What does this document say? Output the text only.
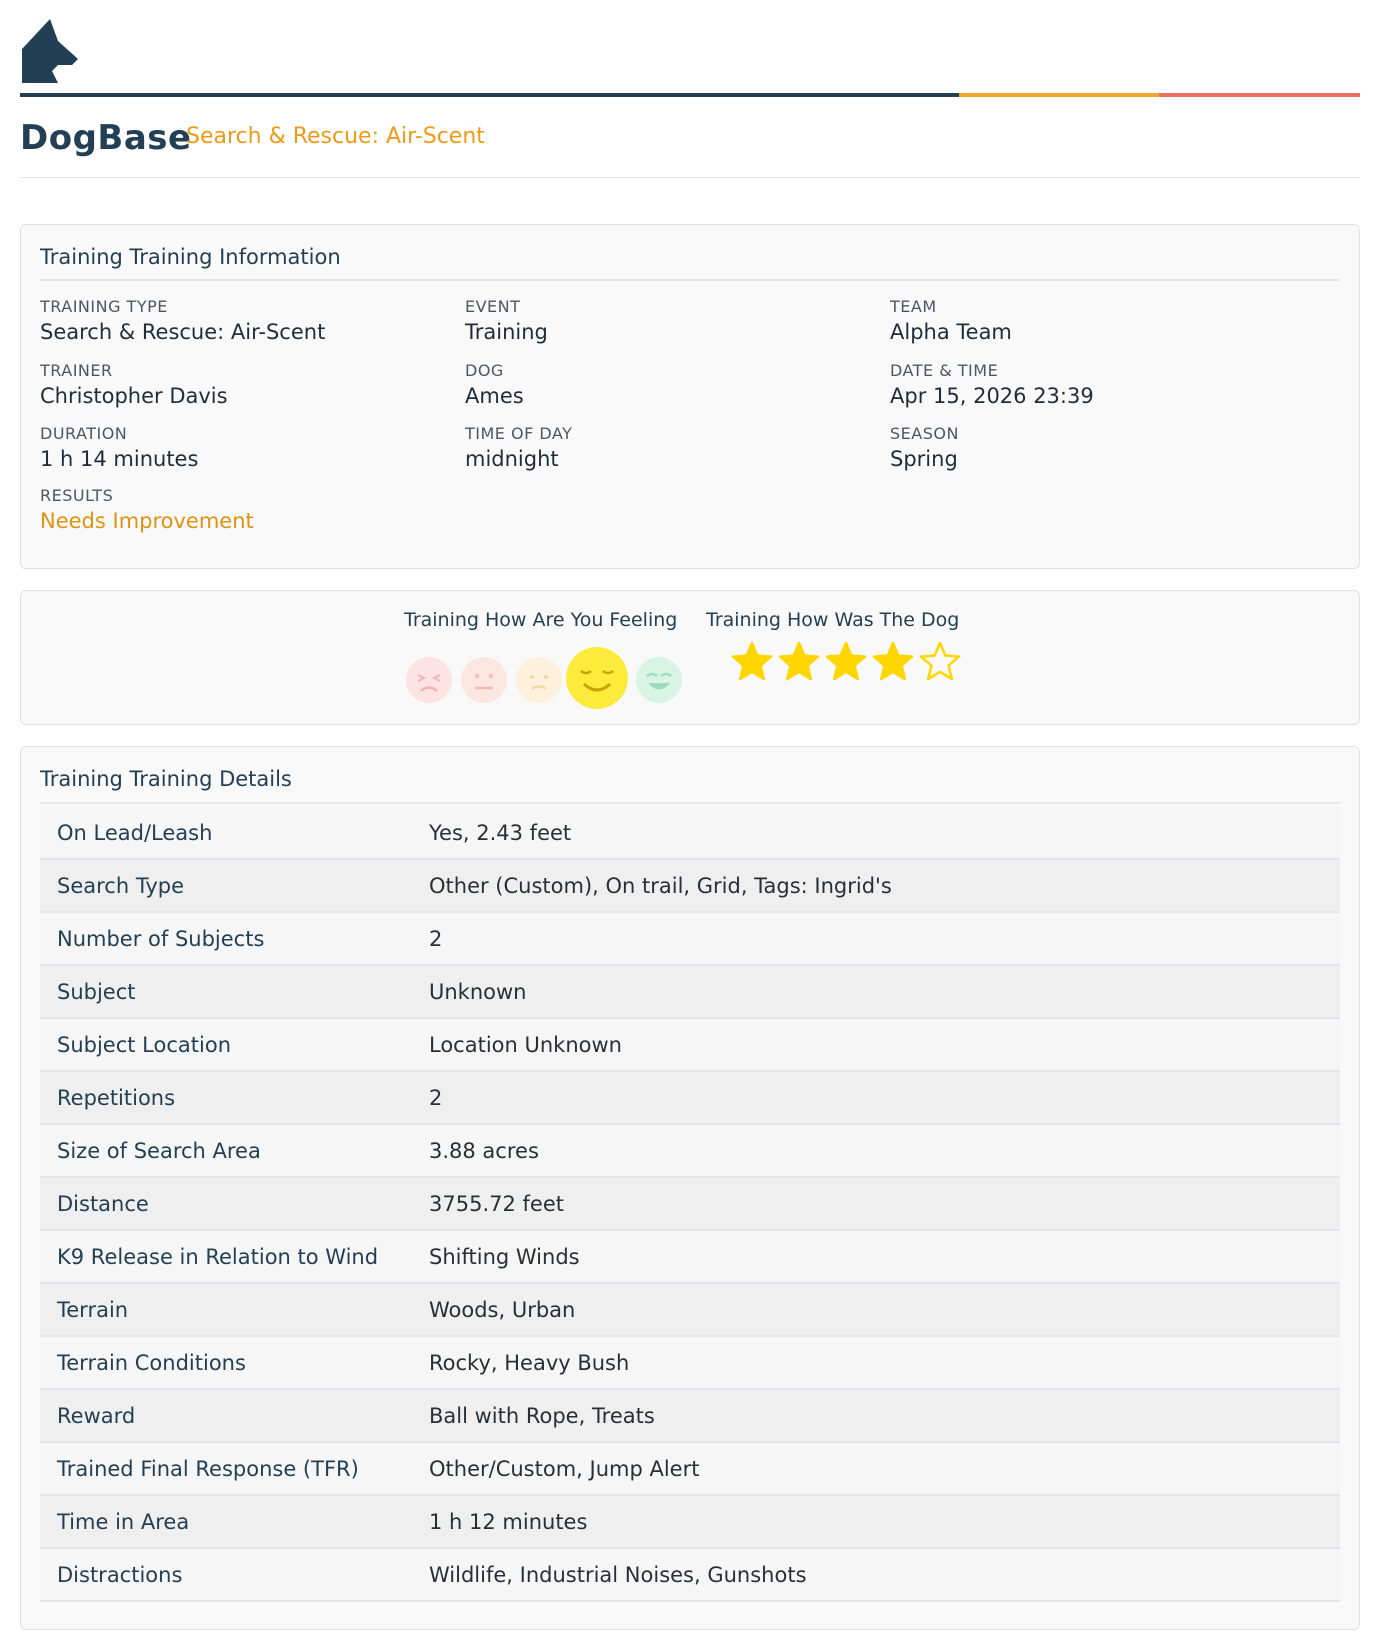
DogBase
Search & Rescue: Air-Scent
Training Training Information
TRAINING TYPE
Search & Rescue: Air-Scent
EVENT
Training
TEAM
Alpha Team
TRAINER
Christopher Davis
DOG
Ames
DATE & TIME
Apr 15, 2026 23:39
DURATION
1 h 14 minutes
TIME OF DAY
midnight
SEASON
Spring
RESULTS
Needs Improvement
Training How Are You Feeling Training How Was The Dog
Training Training Details
On Lead/Leash	Yes, 2.43 feet
Search Type	Other (Custom), On trail, Grid, Tags: Ingrid's
Number of Subjects	2
Subject	Unknown
Subject Location	Location Unknown
Repetitions	2
Size of Search Area	3.88 acres
Distance	3755.72 feet
K9 Release in Relation to Wind	Shifting Winds
Terrain	Woods, Urban
Terrain Conditions	Rocky, Heavy Bush
Reward	Ball with Rope, Treats
Trained Final Response (TFR)	Other/Custom, Jump Alert
Time in Area	1 h 12 minutes
Distractions	Wildlife, Industrial Noises, Gunshots
